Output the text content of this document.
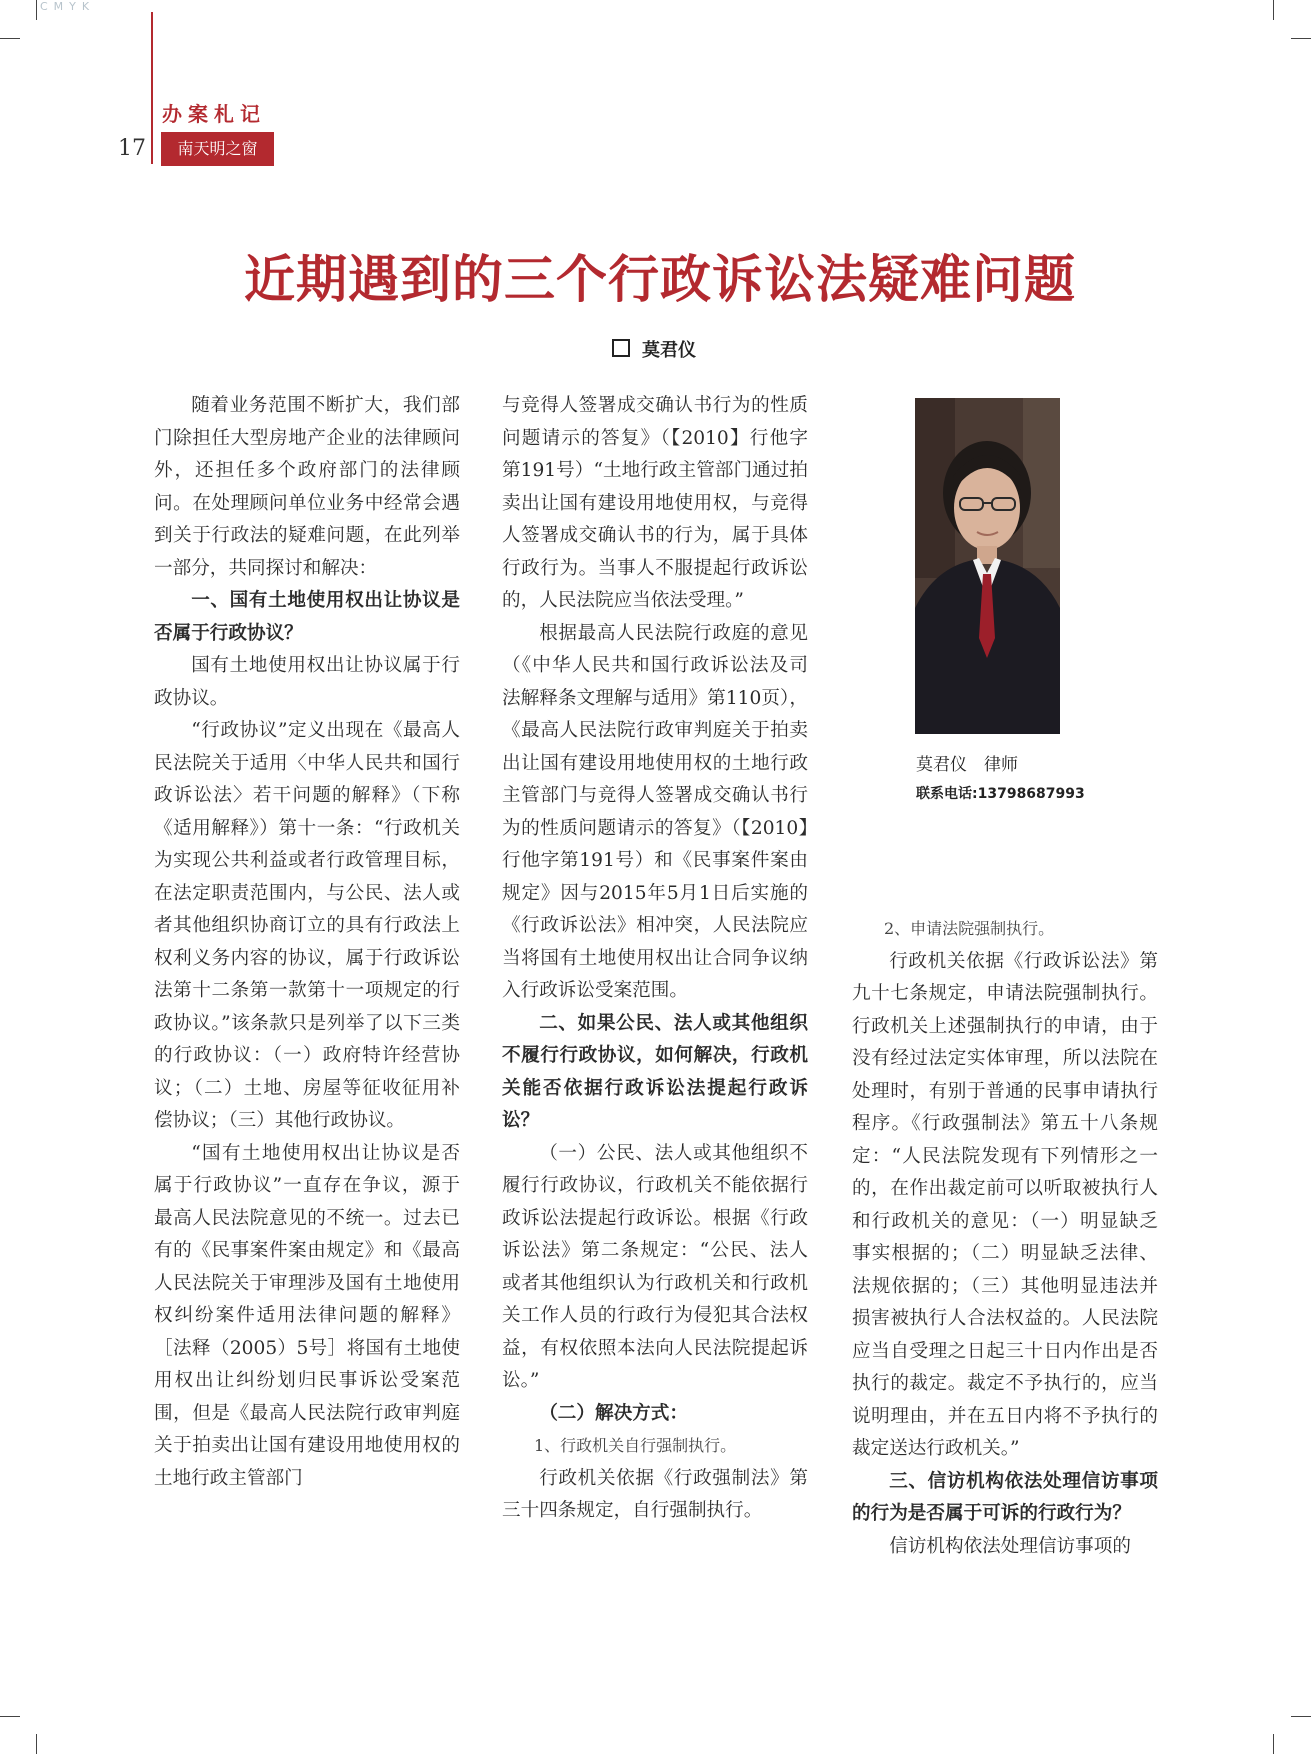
CMYK
办案札记
17	南天明之窗
近期遇到的三个行政诉讼法疑难问题
莫君仪

随着业务范围不断扩大，我们部门除担任大型房地产企业的法律顾问外，还担任多个政府部门的法律顾问。在处理顾问单位业务中经常会遇到关于行政法的疑难问题，在此列举一部分，共同探讨和解决：

一、国有土地使用权出让协议是否属于行政协议？

国有土地使用权出让协议属于行政协议。

“行政协议”定义出现在《最高人民法院关于适用〈中华人民共和国行政诉讼法〉若干问题的解释》（下称《适用解释》）第十一条：“行政机关为实现公共利益或者行政管理目标，在法定职责范围内，与公民、法人或者其他组织协商订立的具有行政法上权利义务内容的协议，属于行政诉讼法第十二条第一款第十一项规定的行政协议。”该条款只是列举了以下三类的行政协议：（一）政府特许经营协议；（二）土地、房屋等征收征用补偿协议；（三）其他行政协议。

“国有土地使用权出让协议是否属于行政协议”一直存在争议，源于最高人民法院意见的不统一。过去已有的《民事案件案由规定》和《最高人民法院关于审理涉及国有土地使用权纠纷案件适用法律问题的解释》［法释（2005）5号］将国有土地使用权出让纠纷划归民事诉讼受案范围，但是《最高人民法院行政审判庭关于拍卖出让国有建设用地使用权的土地行政主管部门

与竞得人签署成交确认书行为的性质问题请示的答复》（【2010】行他字第191号）“土地行政主管部门通过拍卖出让国有建设用地使用权，与竞得人签署成交确认书的行为，属于具体行政行为。当事人不服提起行政诉讼的，人民法院应当依法受理。”

根据最高人民法院行政庭的意见（《中华人民共和国行政诉讼法及司法解释条文理解与适用》第110页），《最高人民法院行政审判庭关于拍卖出让国有建设用地使用权的土地行政主管部门与竞得人签署成交确认书行为的性质问题请示的答复》（【2010】行他字第191号）和《民事案件案由规定》因与2015年5月1日后实施的《行政诉讼法》相冲突，人民法院应当将国有土地使用权出让合同争议纳入行政诉讼受案范围。

二、如果公民、法人或其他组织不履行行政协议，如何解决，行政机关能否依据行政诉讼法提起行政诉讼？

（一）公民、法人或其他组织不履行行政协议，行政机关不能依据行政诉讼法提起行政诉讼。根据《行政诉讼法》第二条规定：“公民、法人或者其他组织认为行政机关和行政机关工作人员的行政行为侵犯其合法权益，有权依照本法向人民法院提起诉讼。”

（二）解决方式：

1、行政机关自行强制执行。

行政机关依据《行政强制法》第三十四条规定，自行强制执行。

莫君仪　律师
联系电话:13798687993

2、申请法院强制执行。

行政机关依据《行政诉讼法》第九十七条规定，申请法院强制执行。行政机关上述强制执行的申请，由于没有经过法定实体审理，所以法院在处理时，有别于普通的民事申请执行程序。《行政强制法》第五十八条规定：“人民法院发现有下列情形之一的，在作出裁定前可以听取被执行人和行政机关的意见：（一）明显缺乏事实根据的；（二）明显缺乏法律、法规依据的；（三）其他明显违法并损害被执行人合法权益的。人民法院应当自受理之日起三十日内作出是否执行的裁定。裁定不予执行的，应当说明理由，并在五日内将不予执行的裁定送达行政机关。”

三、信访机构依法处理信访事项的行为是否属于可诉的行政行为？

信访机构依法处理信访事项的
